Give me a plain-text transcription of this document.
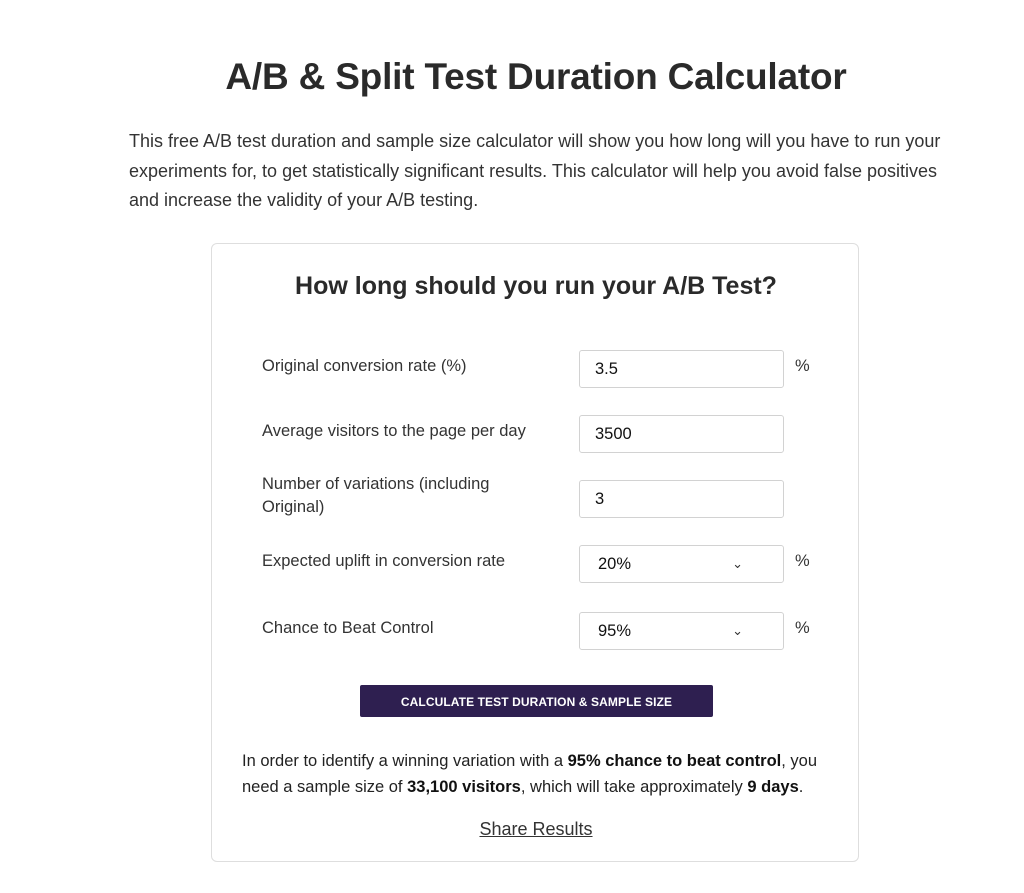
A/B & Split Test Duration Calculator

This free A/B test duration and sample size calculator will show you how long will you have to run your experiments for, to get statistically significant results. This calculator will help you avoid false positives and increase the validity of your A/B testing.

How long should you run your A/B Test?
Original conversion rate (%)	3.5	%
Average visitors to the page per day	3500
Number of variations (including Original)	3
Expected uplift in conversion rate	20%	⌄	%
Chance to Beat Control	95%	⌄	%
CALCULATE TEST DURATION & SAMPLE SIZE
In order to identify a winning variation with a 95% chance to beat control, you need a sample size of 33,100 visitors, which will take approximately 9 days.
Share Results
